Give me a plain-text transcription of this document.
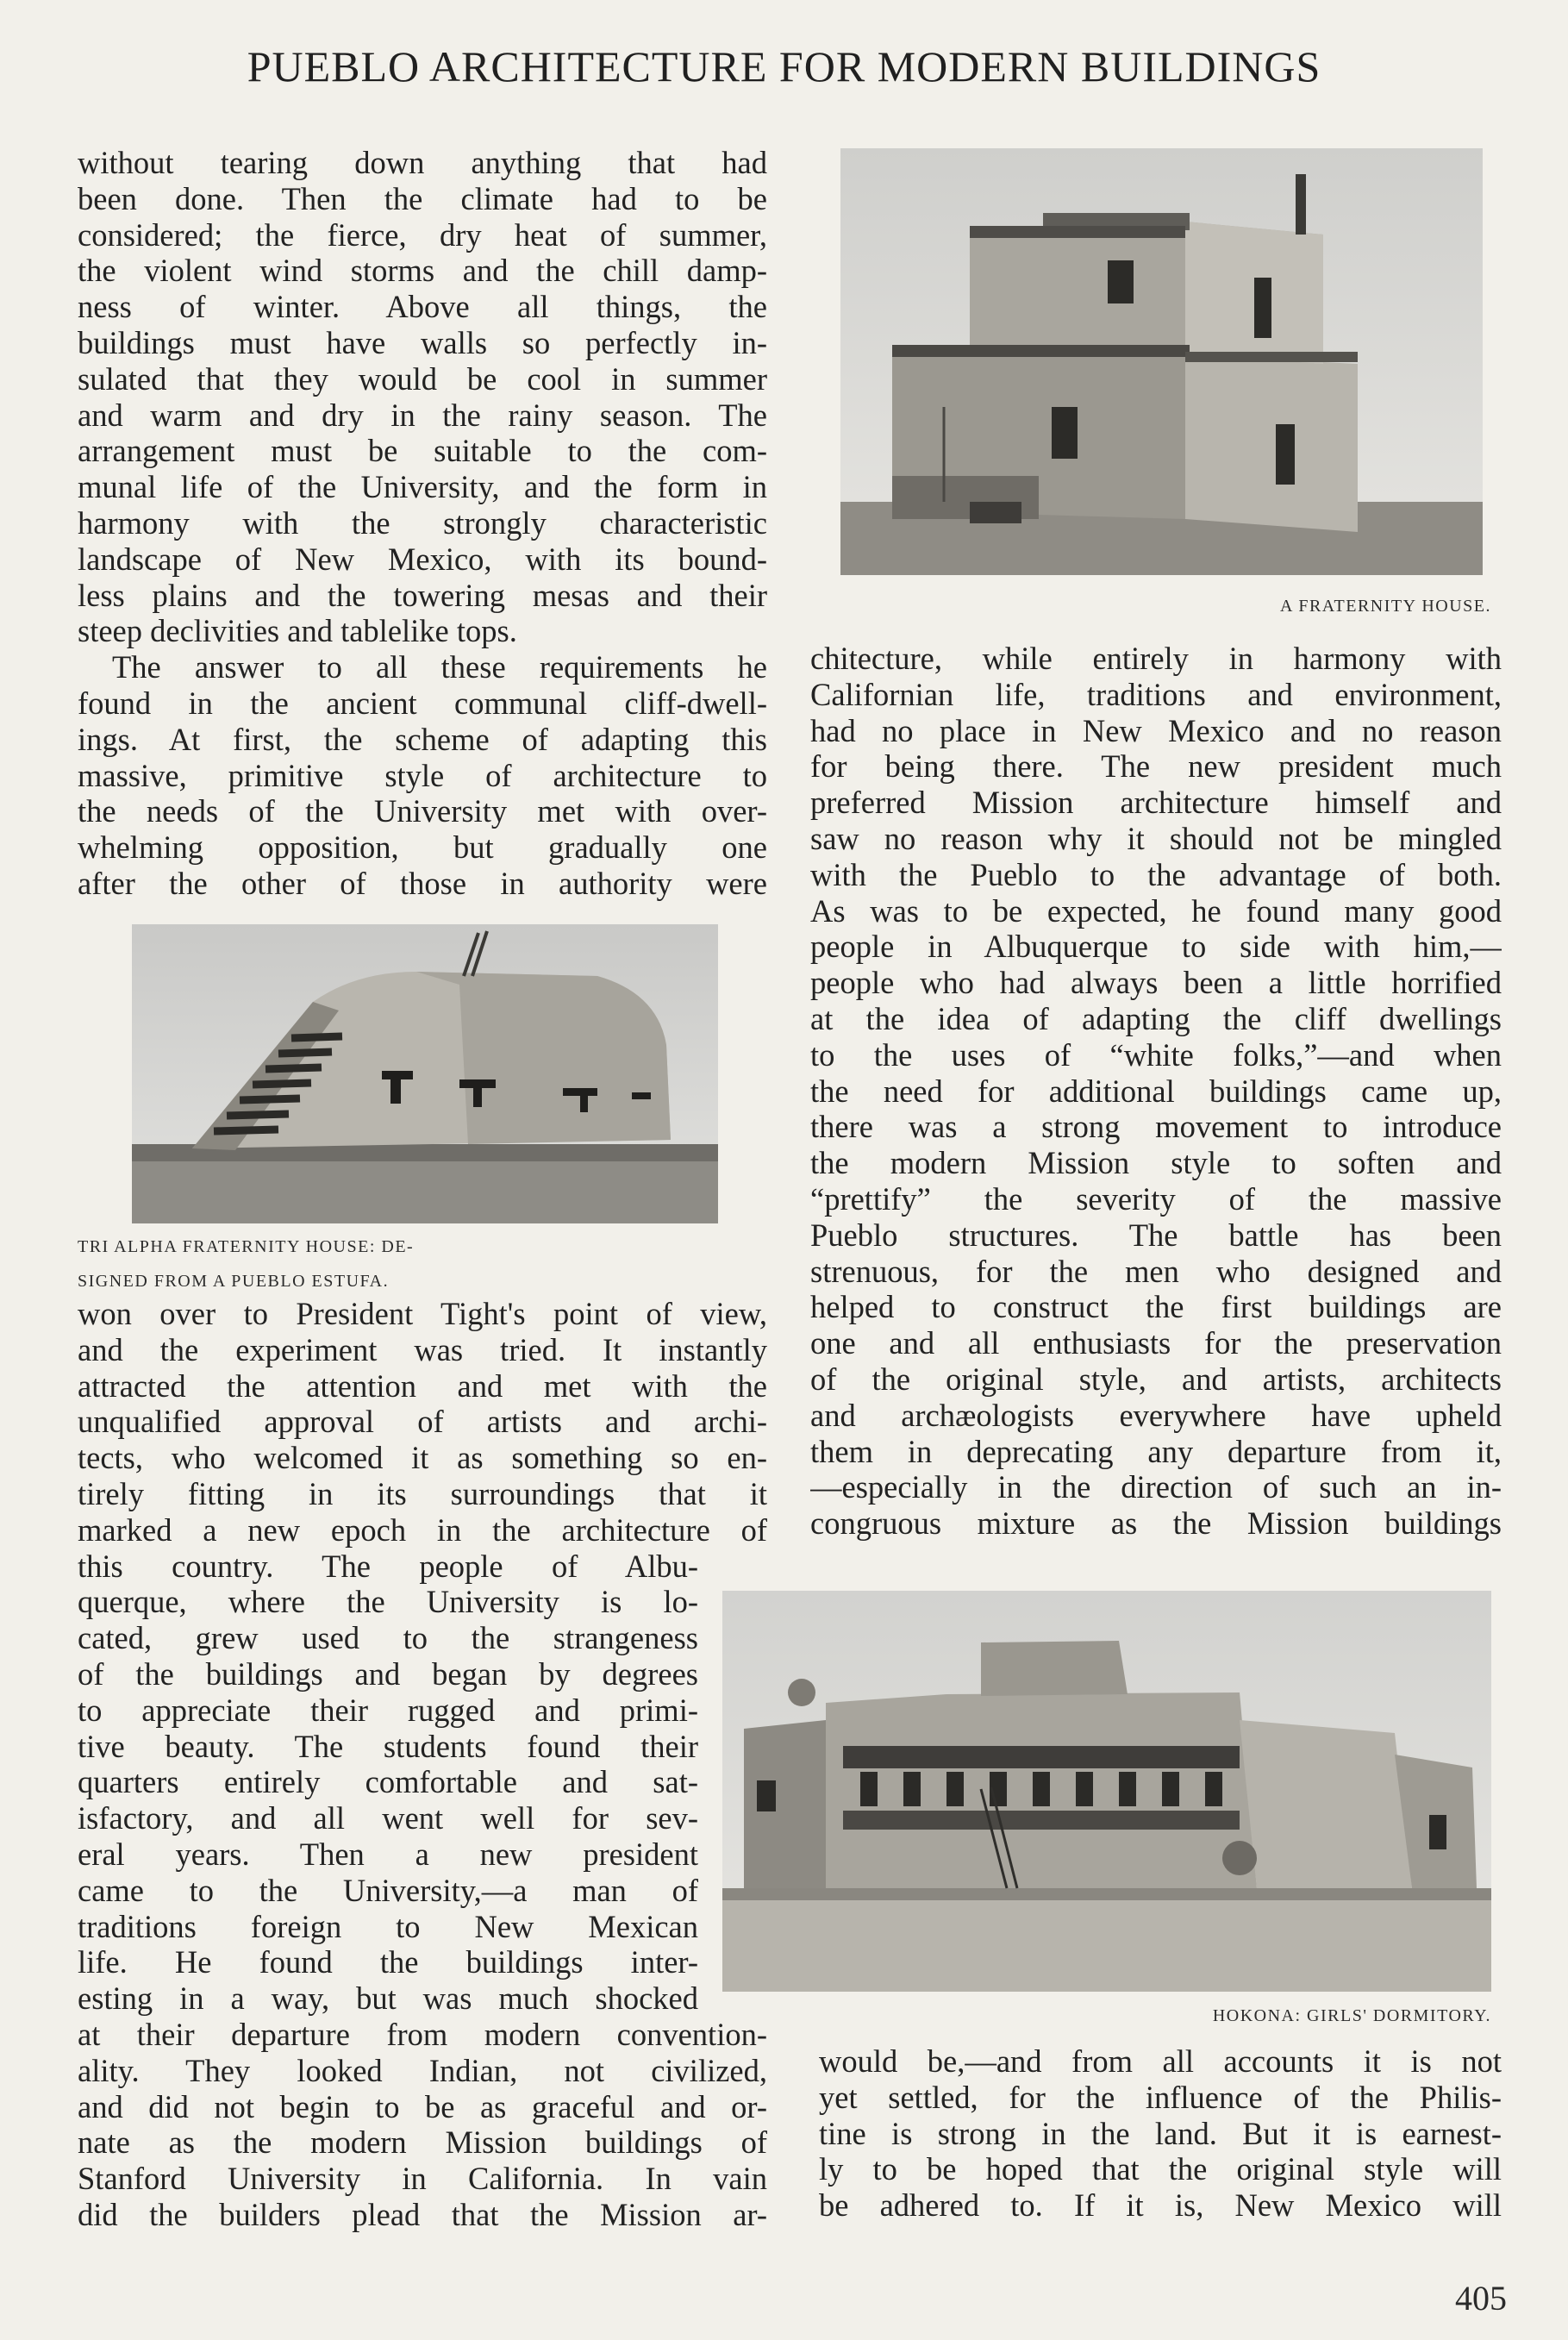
PUEBLO ARCHITECTURE FOR MODERN BUILDINGS
without tearing down anything that had
been done. Then the climate had to be
considered; the fierce, dry heat of summer,
the violent wind storms and the chill damp-
ness of winter. Above all things, the
buildings must have walls so perfectly in-
sulated that they would be cool in summer
and warm and dry in the rainy season. The
arrangement must be suitable to the com-
munal life of the University, and the form in
harmony with the strongly characteristic
landscape of New Mexico, with its bound-
less plains and the towering mesas and their
steep declivities and tablelike tops.
The answer to all these requirements he
found in the ancient communal cliff-dwell-
ings. At first, the scheme of adapting this
massive, primitive style of architecture to
the needs of the University met with over-
whelming opposition, but gradually one
after the other of those in authority were
TRI ALPHA FRATERNITY HOUSE: DE-
SIGNED FROM A PUEBLO ESTUFA.
won over to President Tight's point of view,
and the experiment was tried. It instantly
attracted the attention and met with the
unqualified approval of artists and archi-
tects, who welcomed it as something so en-
tirely fitting in its surroundings that it
marked a new epoch in the architecture of
this country. The people of Albu-
querque, where the University is lo-
cated, grew used to the strangeness
of the buildings and began by degrees
to appreciate their rugged and primi-
tive beauty. The students found their
quarters entirely comfortable and sat-
isfactory, and all went well for sev-
eral years. Then a new president
came to the University,—a man of
traditions foreign to New Mexican
life. He found the buildings inter-
esting in a way, but was much shocked
at their departure from modern convention-
ality. They looked Indian, not civilized,
and did not begin to be as graceful and or-
nate as the modern Mission buildings of
Stanford University in California. In vain
did the builders plead that the Mission ar-
A FRATERNITY HOUSE.
chitecture, while entirely in harmony with
Californian life, traditions and environment,
had no place in New Mexico and no reason
for being there. The new president much
preferred Mission architecture himself and
saw no reason why it should not be mingled
with the Pueblo to the advantage of both.
As was to be expected, he found many good
people in Albuquerque to side with him,—
people who had always been a little horrified
at the idea of adapting the cliff dwellings
to the uses of “white folks,”—and when
the need for additional buildings came up,
there was a strong movement to introduce
the modern Mission style to soften and
“prettify” the severity of the massive
Pueblo structures. The battle has been
strenuous, for the men who designed and
helped to construct the first buildings are
one and all enthusiasts for the preservation
of the original style, and artists, architects
and archæologists everywhere have upheld
them in deprecating any departure from it,
—especially in the direction of such an in-
congruous mixture as the Mission buildings
HOKONA: GIRLS' DORMITORY.
would be,—and from all accounts it is not
yet settled, for the influence of the Philis-
tine is strong in the land. But it is earnest-
ly to be hoped that the original style will
be adhered to. If it is, New Mexico will
405
